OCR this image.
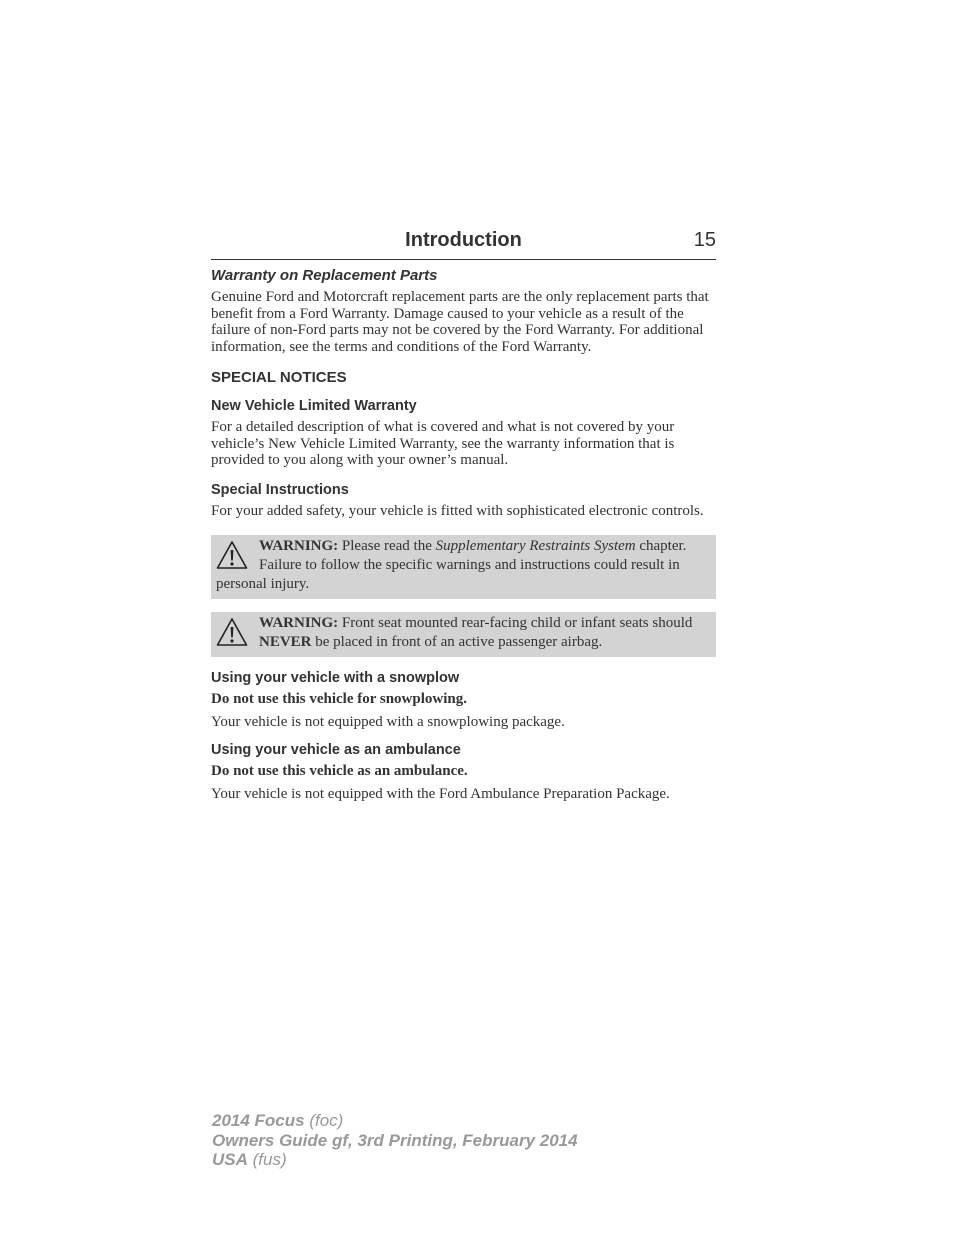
Introduction	15
Warranty on Replacement Parts

Genuine Ford and Motorcraft replacement parts are the only replacement parts that benefit from a Ford Warranty. Damage caused to your vehicle as a result of the failure of non-Ford parts may not be covered by the Ford Warranty. For additional information, see the terms and conditions of the Ford Warranty.

SPECIAL NOTICES
New Vehicle Limited Warranty

For a detailed description of what is covered and what is not covered by your vehicle’s New Vehicle Limited Warranty, see the warranty information that is provided to you along with your owner’s manual.

Special Instructions

For your added safety, your vehicle is fitted with sophisticated electronic controls.

WARNING: Please read the Supplementary Restraints System chapter. Failure to follow the specific warnings and instructions could result in personal injury.
WARNING: Front seat mounted rear-facing child or infant seats should NEVER be placed in front of an active passenger airbag.
Using your vehicle with a snowplow

Do not use this vehicle for snowplowing.

Your vehicle is not equipped with a snowplowing package.

Using your vehicle as an ambulance

Do not use this vehicle as an ambulance.

Your vehicle is not equipped with the Ford Ambulance Preparation Package.

2014 Focus (foc)
Owners Guide gf, 3rd Printing, February 2014
USA (fus)
